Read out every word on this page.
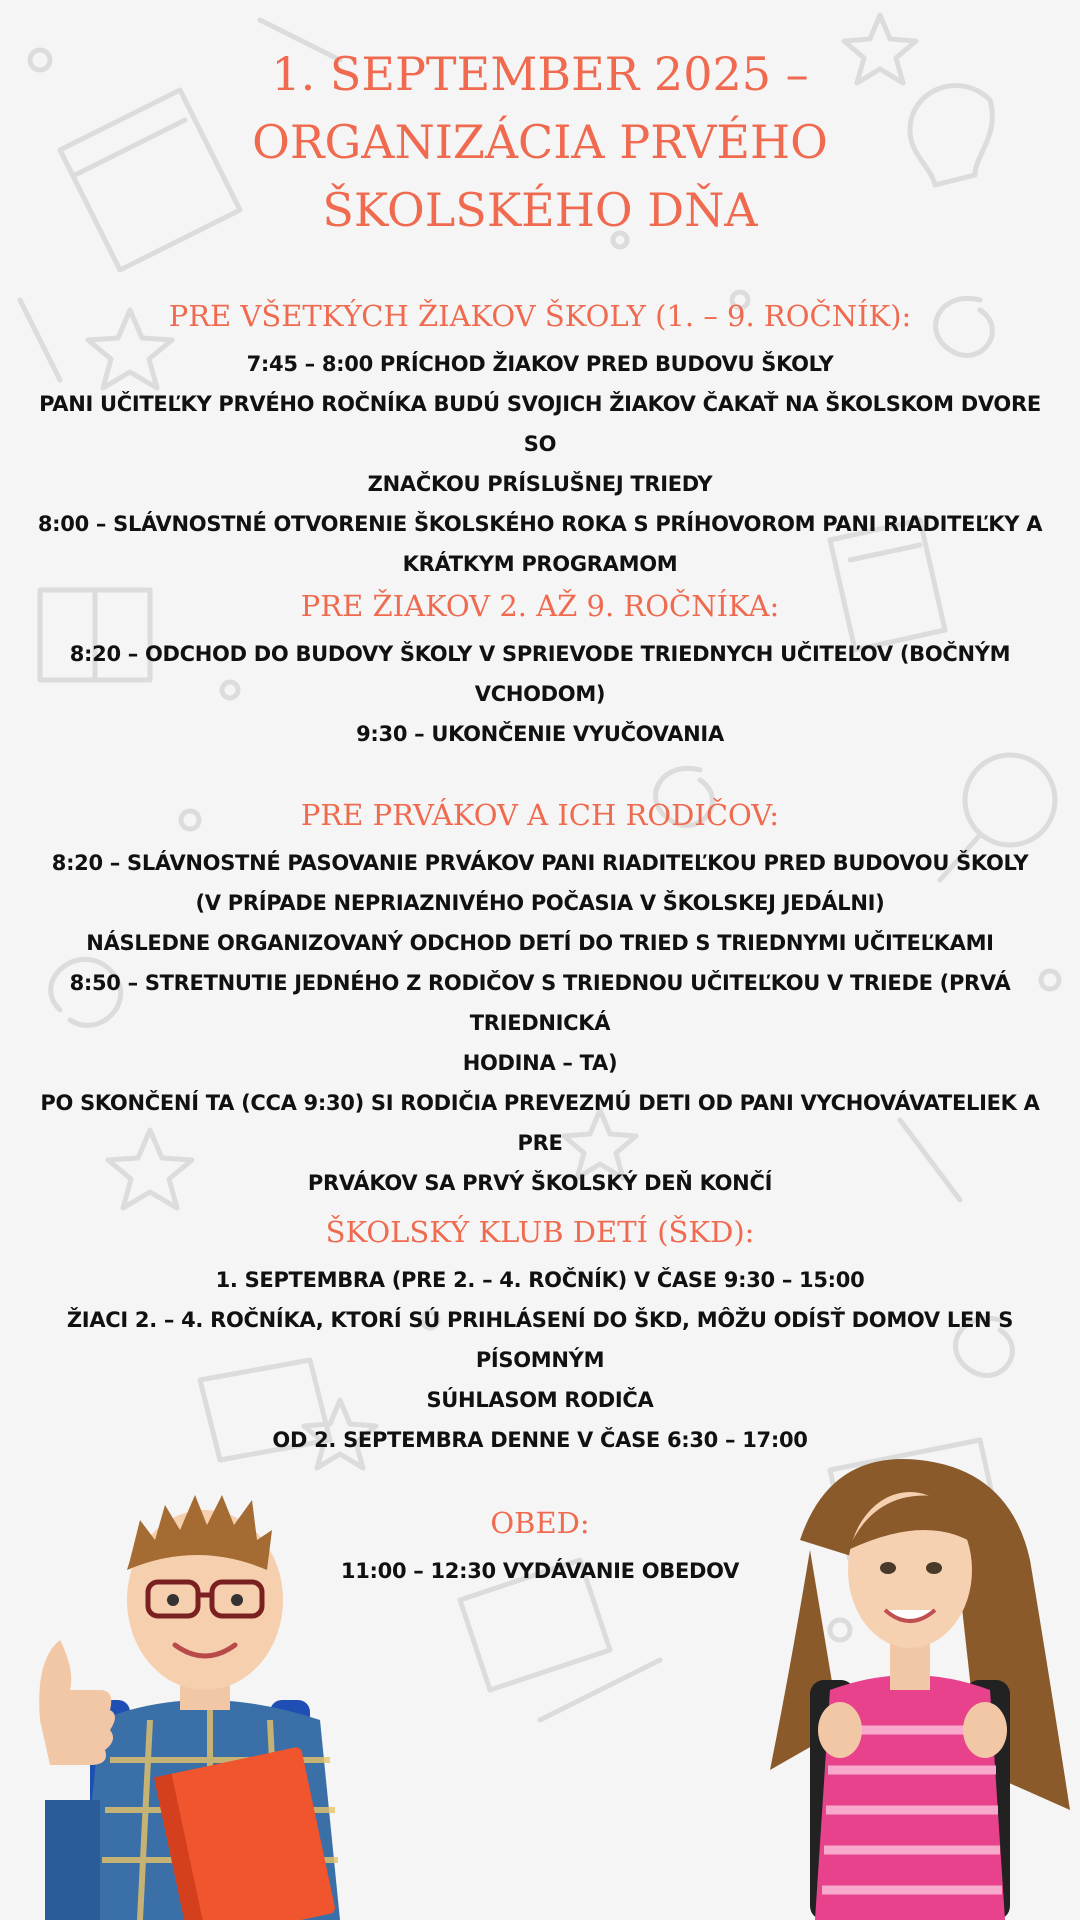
1. SEPTEMBER 2025 –
ORGANIZÁCIA PRVÉHO
ŠKOLSKÉHO DŇA
PRE VŠETKÝCH ŽIAKOV ŠKOLY (1. – 9. ROČNÍK):
7:45 – 8:00 PRÍCHOD ŽIAKOV PRED BUDOVU ŠKOLY
PANI UČITEĽKY PRVÉHO ROČNÍKA BUDÚ SVOJICH ŽIAKOV ČAKAŤ NA ŠKOLSKOM DVORE SO
ZNAČKOU PRÍSLUŠNEJ TRIEDY
8:00 – SLÁVNOSTNÉ OTVORENIE ŠKOLSKÉHO ROKA S PRÍHOVOROM PANI RIADITEĽKY A
KRÁTKYM PROGRAMOM
PRE ŽIAKOV 2. AŽ 9. ROČNÍKA:
8:20 – ODCHOD DO BUDOVY ŠKOLY V SPRIEVODE TRIEDNYCH UČITEĽOV (BOČNÝM VCHODOM)
9:30 – UKONČENIE VYUČOVANIA
PRE PRVÁKOV A ICH RODIČOV:
8:20 – SLÁVNOSTNÉ PASOVANIE PRVÁKOV PANI RIADITEĽKOU PRED BUDOVOU ŠKOLY
(V PRÍPADE NEPRIAZNIVÉHO POČASIA V ŠKOLSKEJ JEDÁLNI)
NÁSLEDNE ORGANIZOVANÝ ODCHOD DETÍ DO TRIED S TRIEDNYMI UČITEĽKAMI
8:50 – STRETNUTIE JEDNÉHO Z RODIČOV S TRIEDNOU UČITEĽKOU V TRIEDE (PRVÁ TRIEDNICKÁ
HODINA – TA)
PO SKONČENÍ TA (CCA 9:30) SI RODIČIA PREVEZMÚ DETI OD PANI VYCHOVÁVATELIEK A PRE
PRVÁKOV SA PRVÝ ŠKOLSKÝ DEŇ KONČÍ
ŠKOLSKÝ KLUB DETÍ (ŠKD):
1. SEPTEMBRA (PRE 2. – 4. ROČNÍK) V ČASE 9:30 – 15:00
ŽIACI 2. – 4. ROČNÍKA, KTORÍ SÚ PRIHLÁSENÍ DO ŠKD, MÔŽU ODÍSŤ DOMOV LEN S PÍSOMNÝM
SÚHLASOM RODIČA
OD 2. SEPTEMBRA DENNE V ČASE 6:30 – 17:00
OBED:
11:00 – 12:30 VYDÁVANIE OBEDOV
